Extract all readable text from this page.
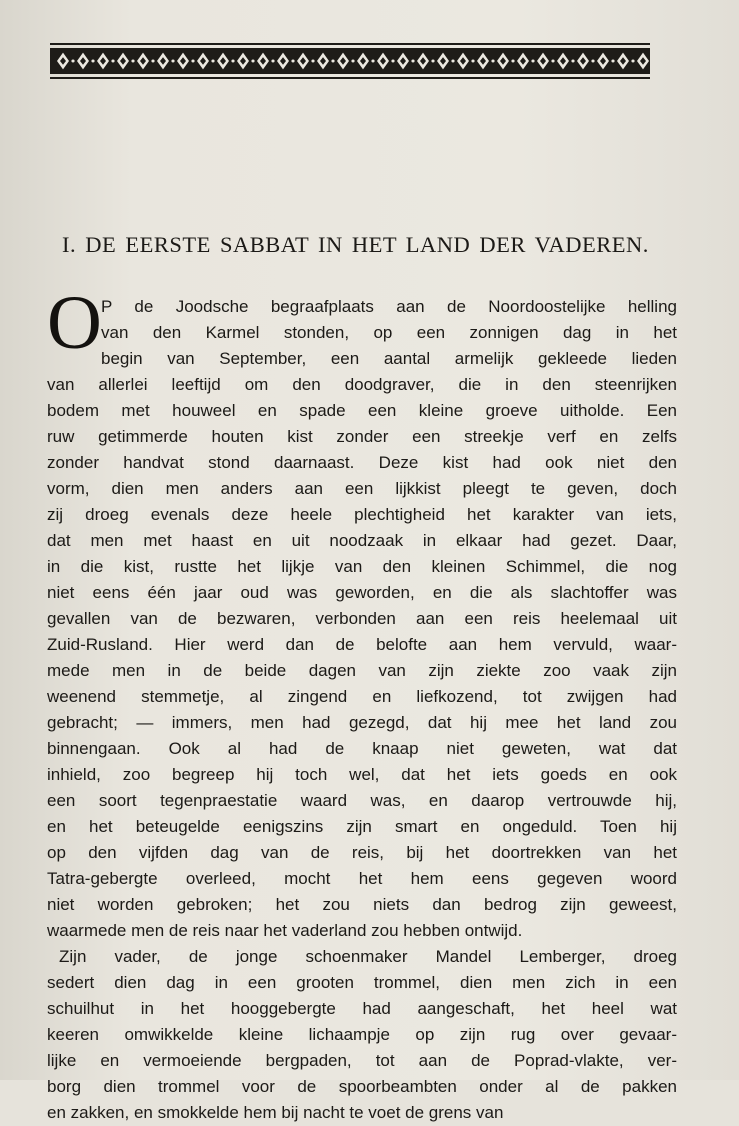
I. DE EERSTE SABBAT IN HET LAND DER VADEREN.
O P de Joodsche begraafplaats aan de Noordoostelijke helling
van den Karmel stonden, op een zonnigen dag in het
begin van September, een aantal armelijk gekleede lieden
van allerlei leeftijd om den doodgraver, die in den steenrijken
bodem met houweel en spade een kleine groeve uitholde. Een
ruw getimmerde houten kist zonder een streekje verf en zelfs
zonder handvat stond daarnaast. Deze kist had ook niet den
vorm, dien men anders aan een lijkkist pleegt te geven, doch
zij droeg evenals deze heele plechtigheid het karakter van iets,
dat men met haast en uit noodzaak in elkaar had gezet. Daar,
in die kist, rustte het lijkje van den kleinen Schimmel, die nog
niet eens één jaar oud was geworden, en die als slachtoffer was
gevallen van de bezwaren, verbonden aan een reis heelemaal uit
Zuid-Rusland. Hier werd dan de belofte aan hem vervuld, waar-
mede men in de beide dagen van zijn ziekte zoo vaak zijn
weenend stemmetje, al zingend en liefkozend, tot zwijgen had
gebracht; — immers, men had gezegd, dat hij mee het land zou
binnengaan. Ook al had de knaap niet geweten, wat dat
inhield, zoo begreep hij toch wel, dat het iets goeds en ook
een soort tegenpraestatie waard was, en daarop vertrouwde hij,
en het beteugelde eenigszins zijn smart en ongeduld. Toen hij
op den vijfden dag van de reis, bij het doortrekken van het
Tatra-gebergte overleed, mocht het hem eens gegeven woord
niet worden gebroken; het zou niets dan bedrog zijn geweest,
waarmede men de reis naar het vaderland zou hebben ontwijd.
Zijn vader, de jonge schoenmaker Mandel Lemberger, droeg
sedert dien dag in een grooten trommel, dien men zich in een
schuilhut in het hooggebergte had aangeschaft, het heel wat
keeren omwikkelde kleine lichaampje op zijn rug over gevaar-
lijke en vermoeiende bergpaden, tot aan de Poprad-vlakte, ver-
borg dien trommel voor de spoorbeambten onder al de pakken
en zakken, en smokkelde hem bij nacht te voet de grens van
